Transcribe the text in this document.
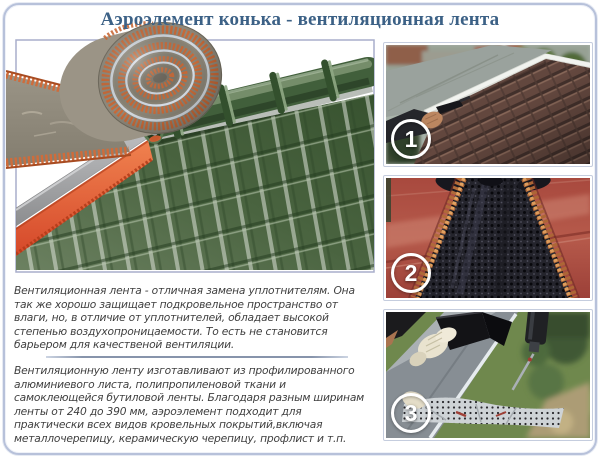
Аэроэлемент конька - вентиляционная лента

Вентиляционная лента - отличная замена уплотнителям. Она так же хорошо защищает подкровельное пространство от влаги, но, в отличие от уплотнителей, обладает высокой степенью воздухопроницаемости. То есть не становится барьером для качественой вентиляции.

Вентиляционную ленту изготавливают из профилированного алюминиевого листа, полипропиленовой ткани и самоклеющейся бутиловой ленты. Благодаря разным ширинам ленты от 240 до 390 мм, аэроэлемент подходит для практически всех видов кровельных покрытий,включая металлочерепицу, керамическую черепицу, профлист и т.п.

1
2
3
